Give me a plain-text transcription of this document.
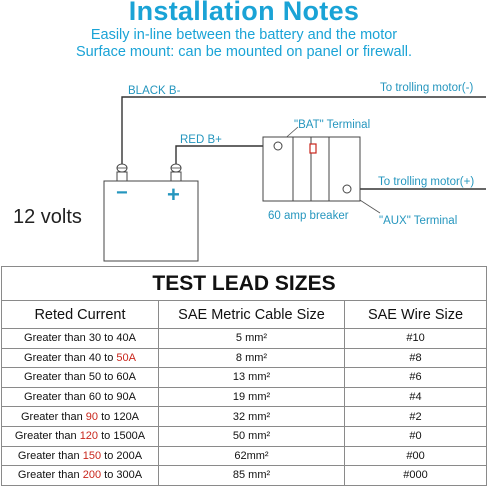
Installation Notes
Easily in-line between the battery and the motor
Surface mount: can be mounted on panel or firewall.
− +
BLACK B-
RED B+
To trolling motor(-)
To trolling motor(+)
"BAT" Terminal
"AUX" Terminal
60 amp breaker
12 volts
TEST LEAD SIZES		
Reted Current	SAE Metric Cable Size	SAE Wire Size
Greater than 30 to 40A	5 mm²	#10
Greater than 40 to 50A	8 mm²	#8
Greater than 50 to 60A	13 mm²	#6
Greater than 60 to 90A	19 mm²	#4
Greater than 90 to 120A	32 mm²	#2
Greater than 120 to 1500A	50 mm²	#0
Greater than 150 to 200A	62mm²	#00
Greater than 200 to 300A	85 mm²	#000
